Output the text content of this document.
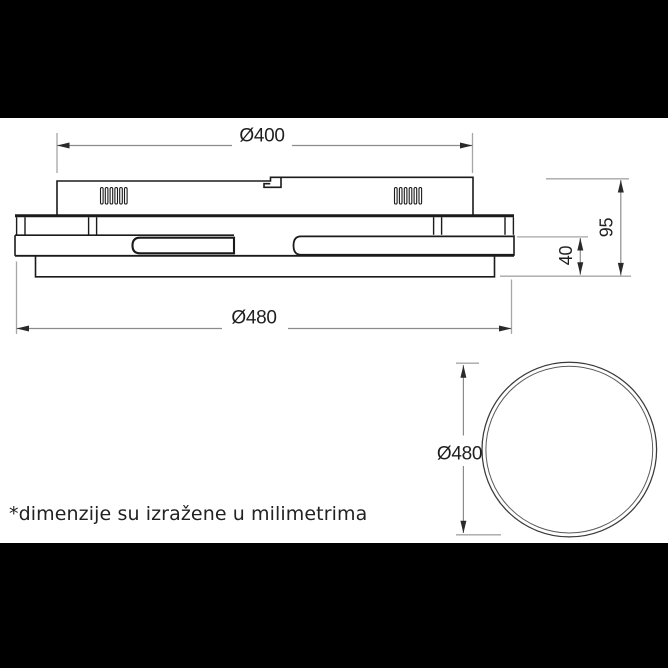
Ø400
Ø480
95
40
Ø480
*dimenzije su izražene u milimetrima
